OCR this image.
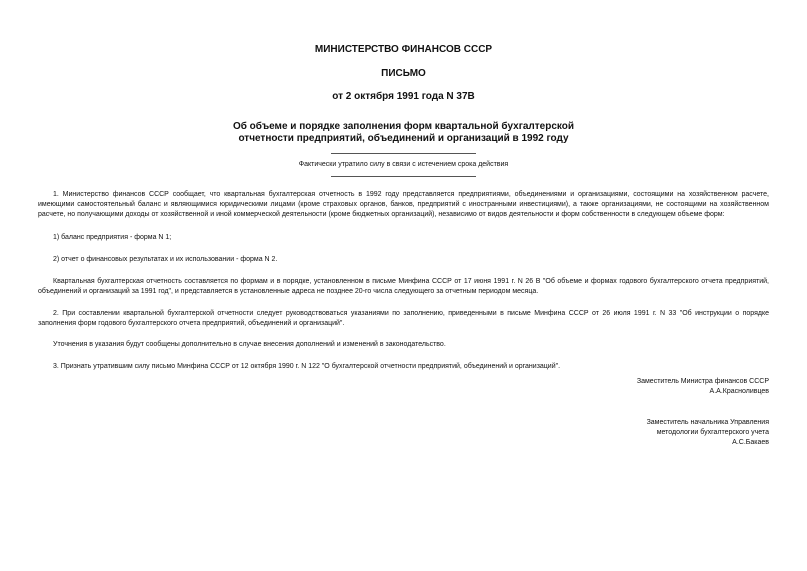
МИНИСТЕРСТВО ФИНАНСОВ СССР
ПИСЬМО
от 2 октября 1991 года N 37В
Об объеме и порядке заполнения форм квартальной бухгалтерской
отчетности предприятий, объединений и организаций в 1992 году
Фактически утратило силу в связи с истечением срока действия

1. Министерство финансов СССР сообщает, что квартальная бухгалтерская отчетность в 1992 году представляется предприятиями, объединениями и организациями, состоящими на хозяйственном расчете, имеющими самостоятельный баланс и являющимися юридическими лицами (кроме страховых органов, банков, предприятий с иностранными инвестициями), а также организациями, не состоящими на хозяйственном расчете, но получающими доходы от хозяйственной и иной коммерческой деятельности (кроме бюджетных организаций), независимо от видов деятельности и форм собственности в следующем объеме форм:

1) баланс предприятия - форма N 1;

2) отчет о финансовых результатах и их использовании - форма N 2.

Квартальная бухгалтерская отчетность составляется по формам и в порядке, установленном в письме Минфина СССР от 17 июня 1991 г. N 26 В "Об объеме и формах годового бухгалтерского отчета предприятий, объединений и организаций за 1991 год", и представляется в установленные адреса не позднее 20-го числа следующего за отчетным периодом месяца.

2. При составлении квартальной бухгалтерской отчетности следует руководствоваться указаниями по заполнению, приведенными в письме Минфина СССР от 26 июля 1991 г. N 33 "Об инструкции о порядке заполнения форм годового бухгалтерского отчета предприятий, объединений и организаций".

Уточнения в указания будут сообщены дополнительно в случае внесения дополнений и изменений в законодательство.

3. Признать утратившим силу письмо Минфина СССР от 12 октября 1990 г. N 122 "О бухгалтерской отчетности предприятий, объединений и организаций".

Заместитель Министра финансов СССР
А.А.Красноливцев
Заместитель начальника Управления
методологии бухгалтерского учета
А.С.Бакаев
